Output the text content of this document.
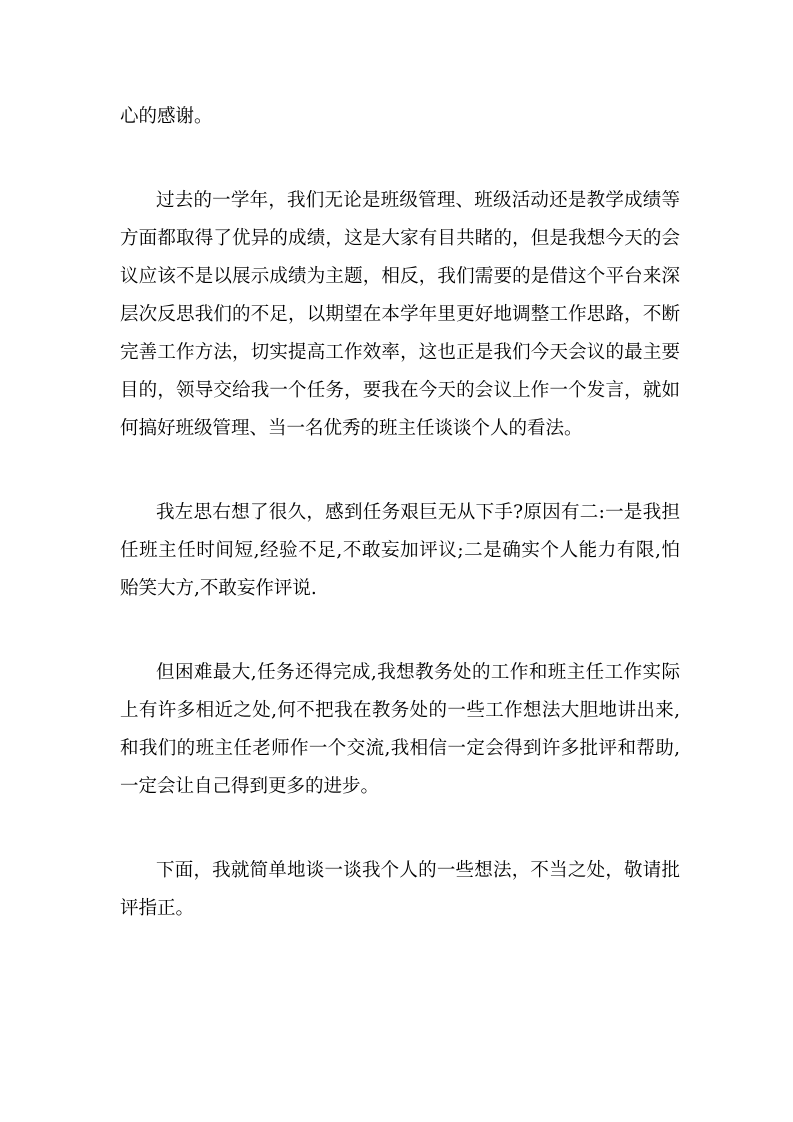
心的感谢。
过去的一学年，我们无论是班级管理、班级活动还是教学成绩等
方面都取得了优异的成绩，这是大家有目共睹的，但是我想今天的会
议应该不是以展示成绩为主题，相反，我们需要的是借这个平台来深
层次反思我们的不足，以期望在本学年里更好地调整工作思路，不断
完善工作方法，切实提高工作效率，这也正是我们今天会议的最主要
目的，领导交给我一个任务，要我在今天的会议上作一个发言，就如
何搞好班级管理、当一名优秀的班主任谈谈个人的看法。
我左思右想了很久，感到任务艰巨无从下手?原因有二:一是我担
任班主任时间短,经验不足,不敢妄加评议;二是确实个人能力有限,怕
贻笑大方,不敢妄作评说.
但困难最大,任务还得完成,我想教务处的工作和班主任工作实际
上有许多相近之处,何不把我在教务处的一些工作想法大胆地讲出来,
和我们的班主任老师作一个交流,我相信一定会得到许多批评和帮助,
一定会让自己得到更多的进步。
下面，我就简单地谈一谈我个人的一些想法，不当之处，敬请批
评指正。
